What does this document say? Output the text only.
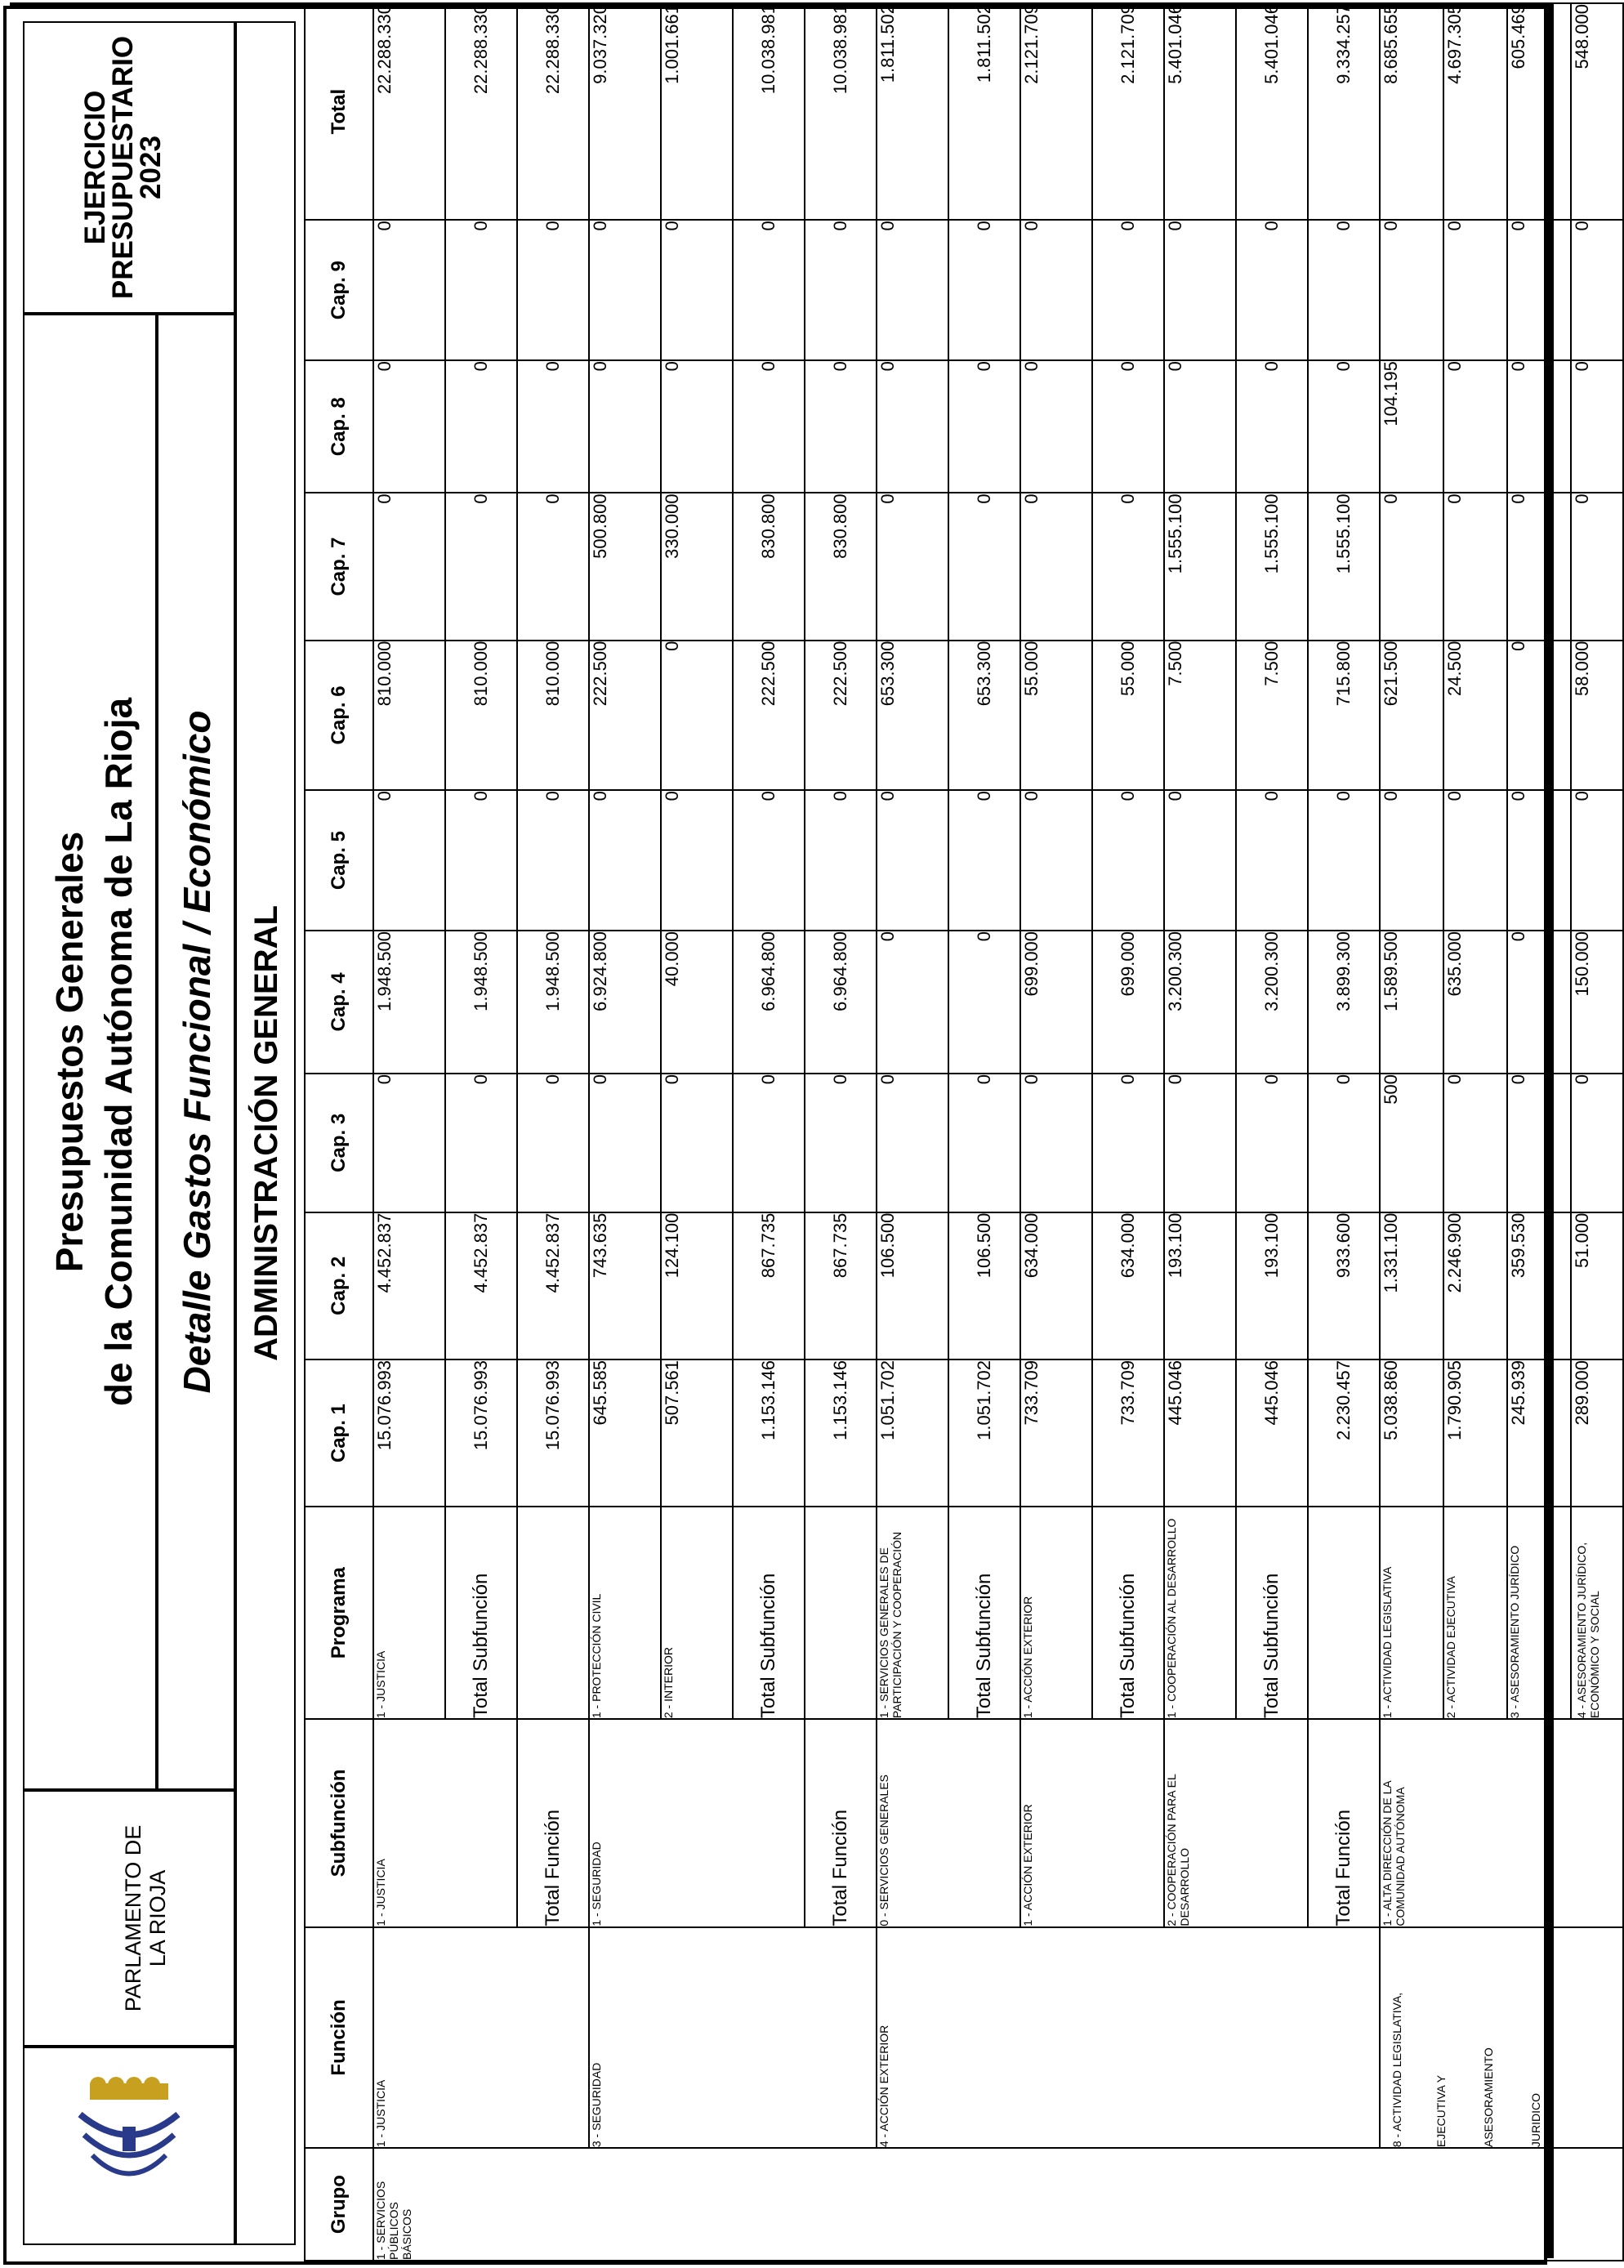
PARLAMENTO DE LA RIOJA
Presupuestos Generales de la Comunidad Autónoma de La Rioja Detalle Gastos Funcional / Económico
EJERCICIO
PRESUPUESTARIO
2023
ADMINISTRACIÓN GENERAL
Grupo	Función	Subfunción	Programa	Cap. 1	Cap. 2	Cap. 3	Cap. 4	Cap. 5	Cap. 6	Cap. 7	Cap. 8	Cap. 9	Total
1 - SERVICIOS PÚBLICOS BÁSICOS	1 - JUSTICIA	1 - JUSTICIA	1 - JUSTICIA	15.076.993	4.452.837	0	1.948.500	0	810.000	0	0	0	22.288.330
			Total Subfunción	15.076.993	4.452.837	0	1.948.500	0	810.000	0	0	0	22.288.330
		Total Función		15.076.993	4.452.837	0	1.948.500	0	810.000	0	0	0	22.288.330
	3 - SEGURIDAD	1 - SEGURIDAD	1 - PROTECCIÓN CIVIL	645.585	743.635	0	6.924.800	0	222.500	500.800	0	0	9.037.320
			2 - INTERIOR	507.561	124.100	0	40.000	0	0	330.000	0	0	1.001.661
			Total Subfunción	1.153.146	867.735	0	6.964.800	0	222.500	830.800	0	0	10.038.981
		Total Función		1.153.146	867.735	0	6.964.800	0	222.500	830.800	0	0	10.038.981
	4 - ACCIÓN EXTERIOR	0 - SERVICIOS GENERALES	1 - SERVICIOS GENERALES DE PARTICIPACIÓN Y COOPERACIÓN	1.051.702	106.500	0	0	0	653.300	0	0	0	1.811.502
			Total Subfunción	1.051.702	106.500	0	0	0	653.300	0	0	0	1.811.502
		1 - ACCIÓN EXTERIOR	1 - ACCIÓN EXTERIOR	733.709	634.000	0	699.000	0	55.000	0	0	0	2.121.709
			Total Subfunción	733.709	634.000	0	699.000	0	55.000	0	0	0	2.121.709
		2 - COOPERACIÓN PARA EL DESARROLLO	1 - COOPERACIÓN AL DESARROLLO	445.046	193.100	0	3.200.300	0	7.500	1.555.100	0	0	5.401.046
			Total Subfunción	445.046	193.100	0	3.200.300	0	7.500	1.555.100	0	0	5.401.046
		Total Función		2.230.457	933.600	0	3.899.300	0	715.800	1.555.100	0	0	9.334.257

	8 - ACTIVIDAD LEGISLATIVA, EJECUTIVA Y ASESORAMIENTO JURIDICO	1 - ALTA DIRECCIÓN DE LA COMUNIDAD AUTÓNOMA	1 - ACTIVIDAD LEGISLATIVA	5.038.860	1.331.100	500	1.589.500	0	621.500	0	104.195	0	8.685.655
			2 - ACTIVIDAD EJECUTIVA	1.790.905	2.246.900	0	635.000	0	24.500	0	0	0	4.697.305
			3 - ASESORAMIENTO JURÍDICO	245.939	359.530	0	0	0	0	0	0	0	605.469
			4 - ASESORAMIENTO JURÍDICO, ECONÓMICO Y SOCIAL	289.000	51.000	0	150.000	0	58.000	0	0	0	548.000
